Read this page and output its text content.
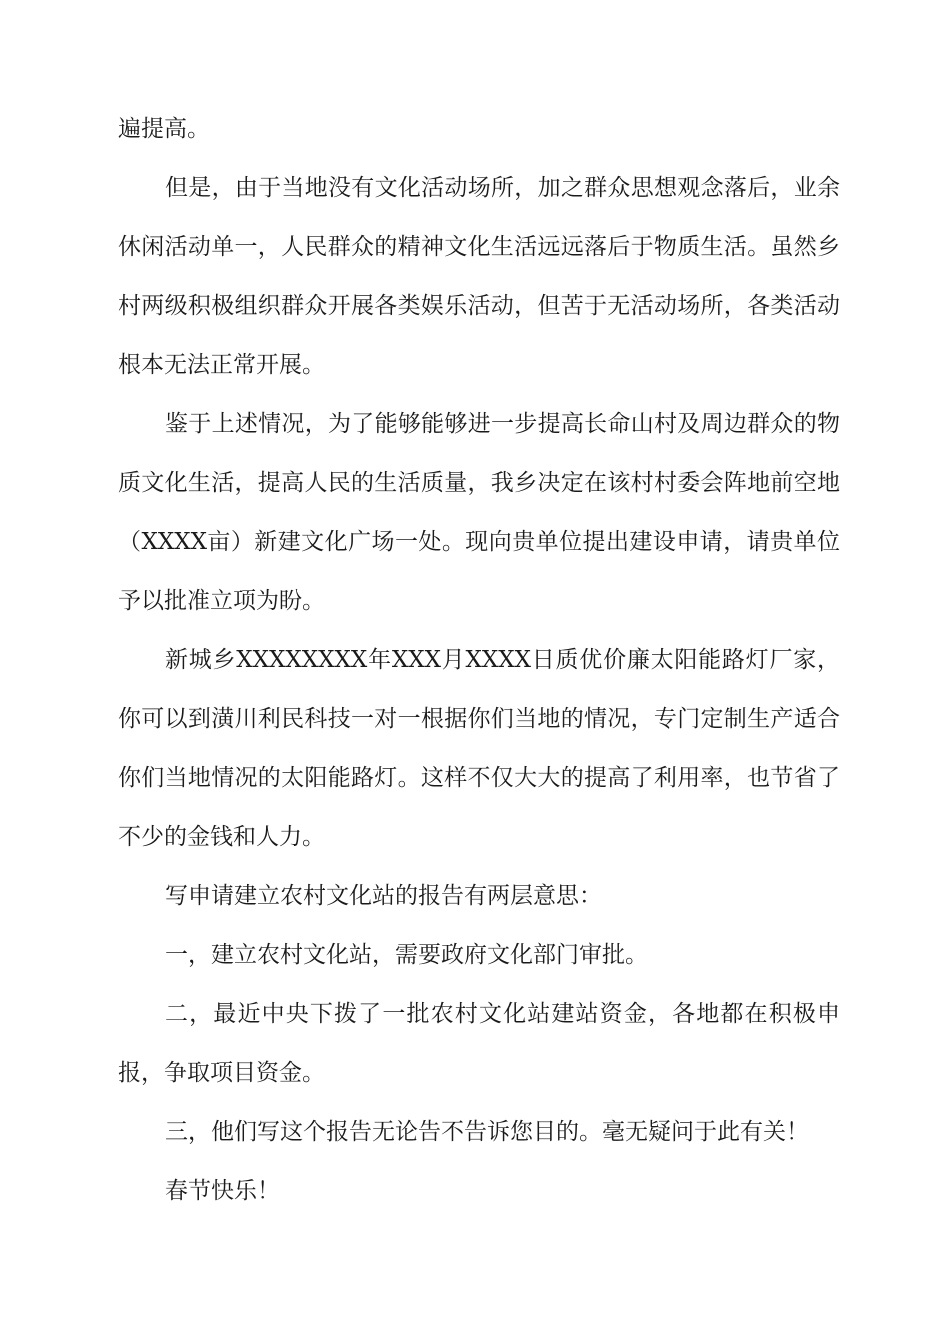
遍提高。

但是，由于当地没有文化活动场所，加之群众思想观念落后，业余休闲活动单一，人民群众的精神文化生活远远落后于物质生活。虽然乡村两级积极组织群众开展各类娱乐活动，但苦于无活动场所，各类活动根本无法正常开展。

鉴于上述情况，为了能够能够进一步提高长命山村及周边群众的物质文化生活，提高人民的生活质量，我乡决定在该村村委会阵地前空地（XXXX亩）新建文化广场一处。现向贵单位提出建设申请，请贵单位予以批准立项为盼。

新城乡XXXXXXXX年XXX月XXXX日质优价廉太阳能路灯厂家，你可以到潢川利民科技一对一根据你们当地的情况，专门定制生产适合你们当地情况的太阳能路灯。这样不仅大大的提高了利用率，也节省了不少的金钱和人力。

写申请建立农村文化站的报告有两层意思：

一，建立农村文化站，需要政府文化部门审批。

二，最近中央下拨了一批农村文化站建站资金，各地都在积极申报，争取项目资金。

三，他们写这个报告无论告不告诉您目的。毫无疑问于此有关！

春节快乐！
